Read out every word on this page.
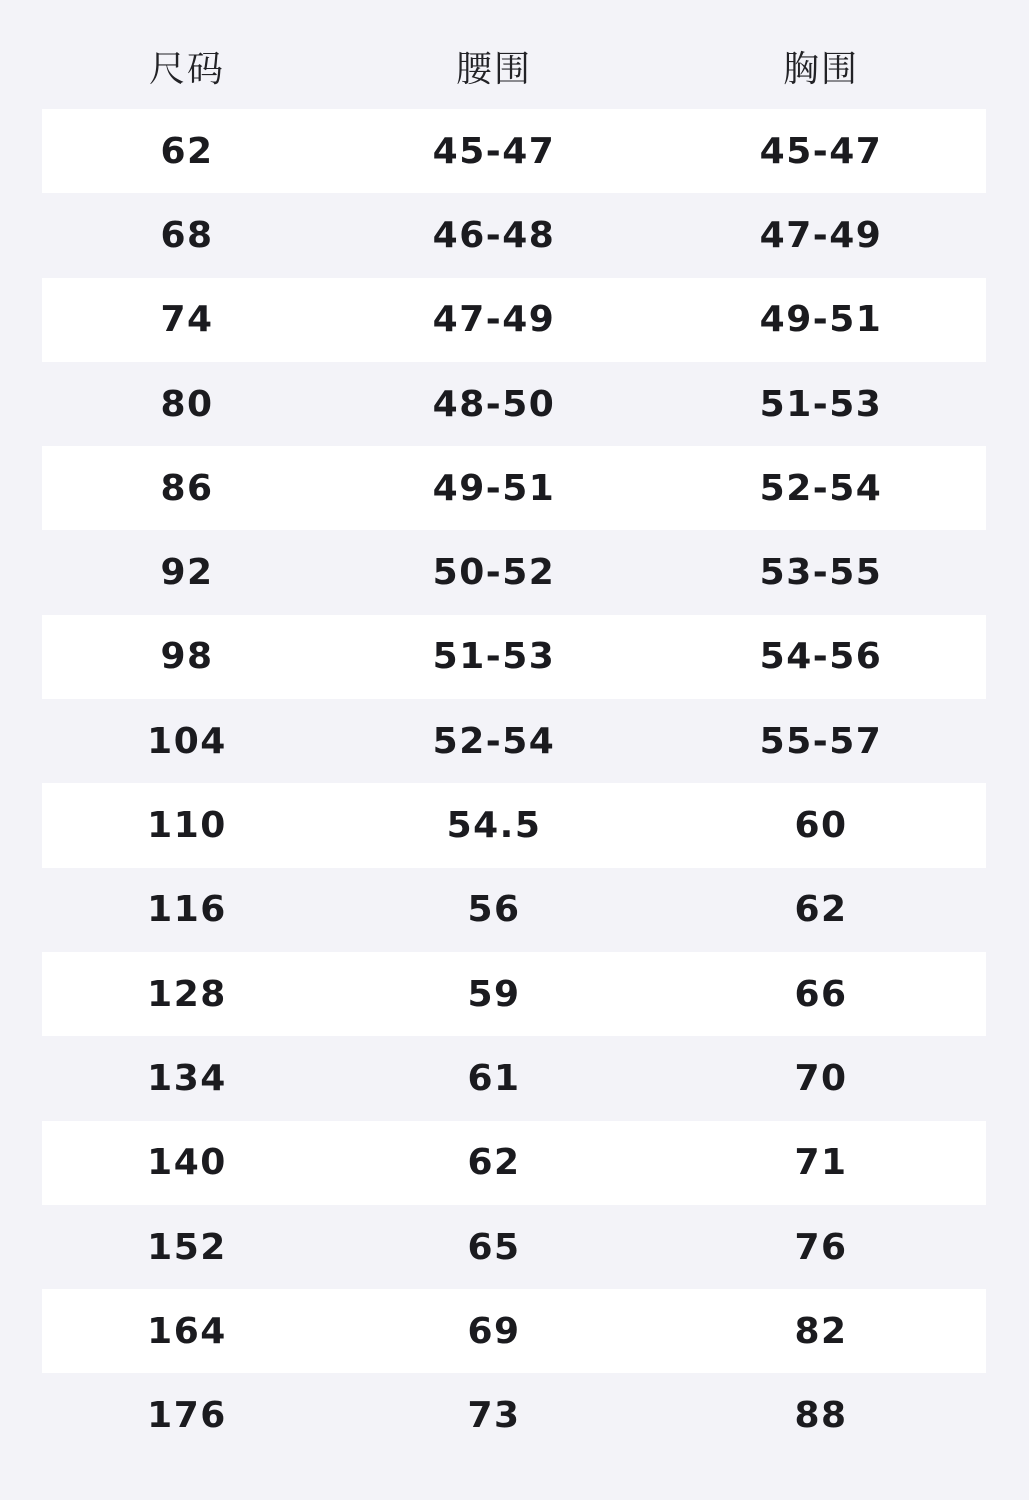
尺码	腰围	胸围
62	45-47	45-47
68	46-48	47-49
74	47-49	49-51
80	48-50	51-53
86	49-51	52-54
92	50-52	53-55
98	51-53	54-56
104	52-54	55-57
110	54.5	60
116	56	62
128	59	66
134	61	70
140	62	71
152	65	76
164	69	82
176	73	88
